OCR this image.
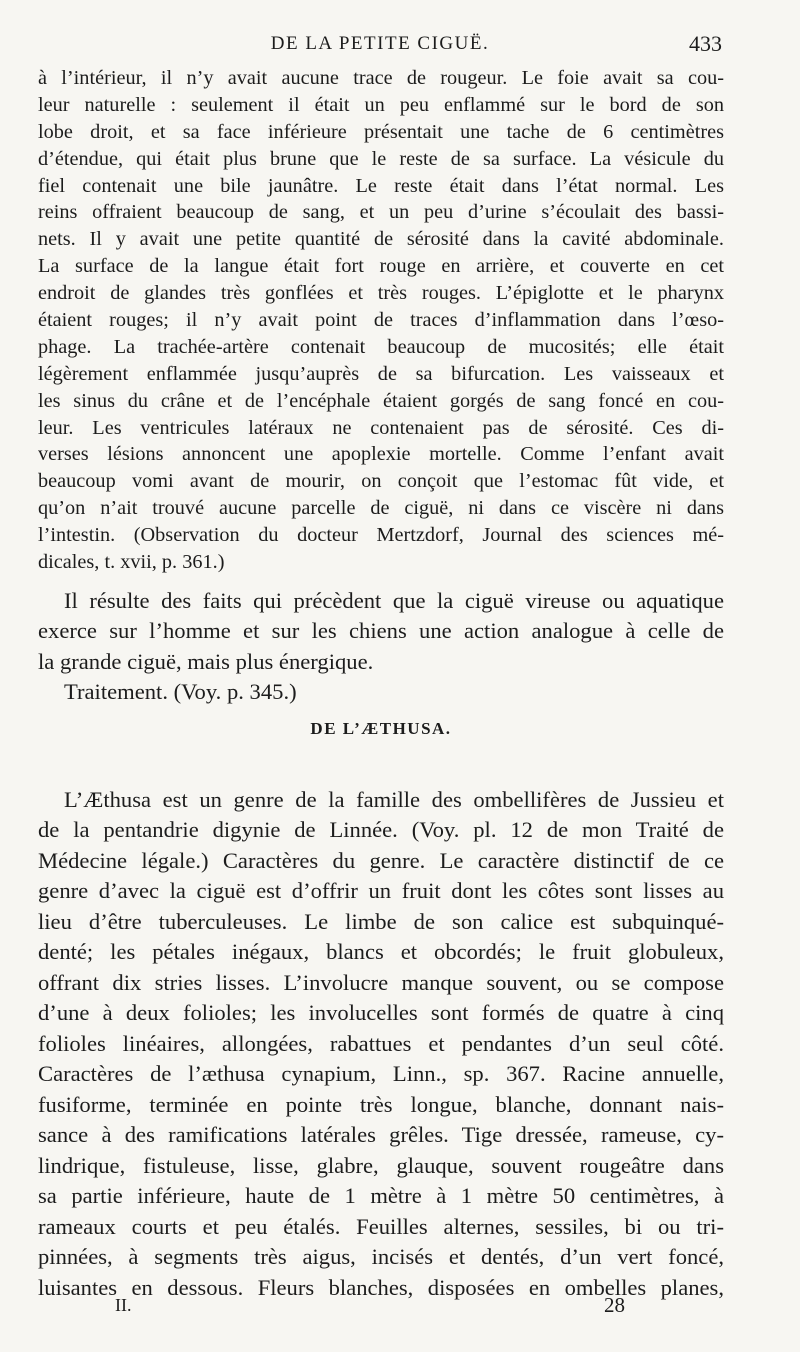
DE LA PETITE CIGUË.	433
à l’intérieur, il n’y avait aucune trace de rougeur. Le foie avait sa cou-
leur naturelle : seulement il était un peu enflammé sur le bord de son
lobe droit, et sa face inférieure présentait une tache de 6 centimètres
d’étendue, qui était plus brune que le reste de sa surface. La vésicule du
fiel contenait une bile jaunâtre. Le reste était dans l’état normal. Les
reins offraient beaucoup de sang, et un peu d’urine s’écoulait des bassi-
nets. Il y avait une petite quantité de sérosité dans la cavité abdominale.
La surface de la langue était fort rouge en arrière, et couverte en cet
endroit de glandes très gonflées et très rouges. L’épiglotte et le pharynx
étaient rouges; il n’y avait point de traces d’inflammation dans l’œso-
phage. La trachée-artère contenait beaucoup de mucosités; elle était
légèrement enflammée jusqu’auprès de sa bifurcation. Les vaisseaux et
les sinus du crâne et de l’encéphale étaient gorgés de sang foncé en cou-
leur. Les ventricules latéraux ne contenaient pas de sérosité. Ces di-
verses lésions annoncent une apoplexie mortelle. Comme l’enfant avait
beaucoup vomi avant de mourir, on conçoit que l’estomac fût vide, et
qu’on n’ait trouvé aucune parcelle de ciguë, ni dans ce viscère ni dans
l’intestin. (Observation du docteur Mertzdorf, Journal des sciences mé-
dicales, t. xvii, p. 361.)
Il résulte des faits qui précèdent que la ciguë vireuse ou aquatique
exerce sur l’homme et sur les chiens une action analogue à celle de
la grande ciguë, mais plus énergique.
Traitement. (Voy. p. 345.)
DE L’ÆTHUSA.
L’Æthusa est un genre de la famille des ombellifères de Jussieu et
de la pentandrie digynie de Linnée. (Voy. pl. 12 de mon Traité de
Médecine légale.) Caractères du genre. Le caractère distinctif de ce
genre d’avec la ciguë est d’offrir un fruit dont les côtes sont lisses au
lieu d’être tuberculeuses. Le limbe de son calice est subquinqué-
denté; les pétales inégaux, blancs et obcordés; le fruit globuleux,
offrant dix stries lisses. L’involucre manque souvent, ou se compose
d’une à deux folioles; les involucelles sont formés de quatre à cinq
folioles linéaires, allongées, rabattues et pendantes d’un seul côté.
Caractères de l’æthusa cynapium, Linn., sp. 367. Racine annuelle,
fusiforme, terminée en pointe très longue, blanche, donnant nais-
sance à des ramifications latérales grêles. Tige dressée, rameuse, cy-
lindrique, fistuleuse, lisse, glabre, glauque, souvent rougeâtre dans
sa partie inférieure, haute de 1 mètre à 1 mètre 50 centimètres, à
rameaux courts et peu étalés. Feuilles alternes, sessiles, bi ou tri-
pinnées, à segments très aigus, incisés et dentés, d’un vert foncé,
luisantes en dessous. Fleurs blanches, disposées en ombelles planes,
II.	28
